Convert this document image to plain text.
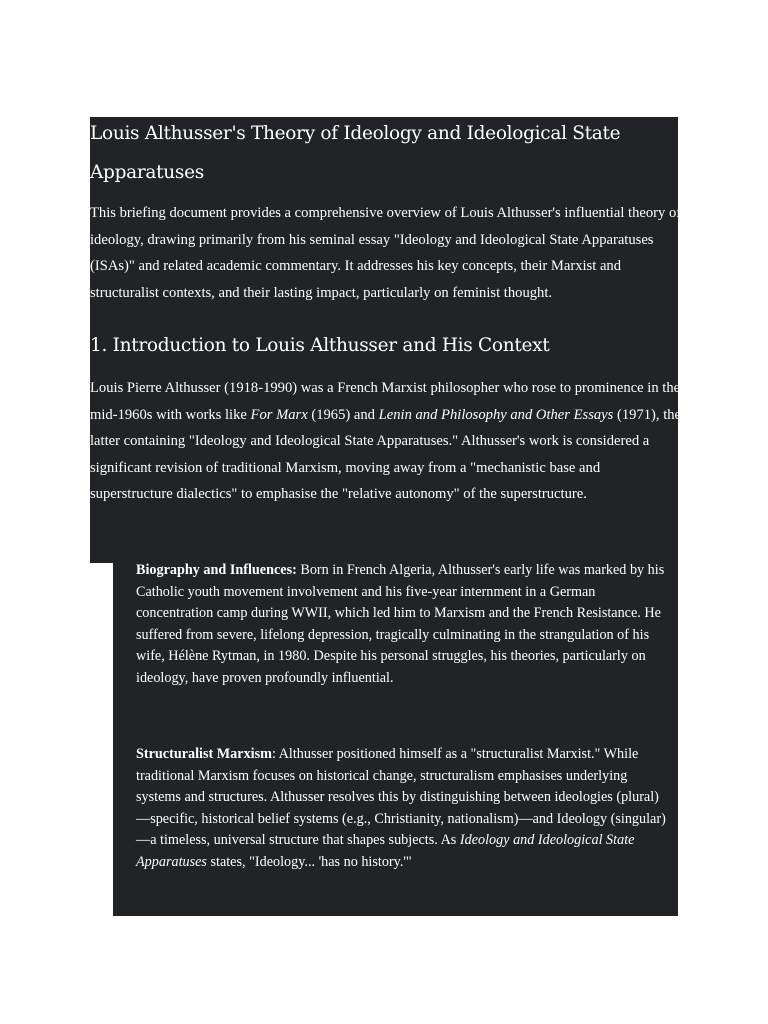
Louis Althusser's Theory of Ideology and Ideological State Apparatuses

This briefing document provides a comprehensive overview of Louis Althusser's influential theory of ideology, drawing primarily from his seminal essay "Ideology and Ideological State Apparatuses (ISAs)" and related academic commentary. It addresses his key concepts, their Marxist and structuralist contexts, and their lasting impact, particularly on feminist thought.

1. Introduction to Louis Althusser and His Context

Louis Pierre Althusser (1918-1990) was a French Marxist philosopher who rose to prominence in the mid-1960s with works like For Marx (1965) and Lenin and Philosophy and Other Essays (1971), the latter containing "Ideology and Ideological State Apparatuses." Althusser's work is considered a significant revision of traditional Marxism, moving away from a "mechanistic base and superstructure dialectics" to emphasise the "relative autonomy" of the superstructure.

Biography and Influences: Born in French Algeria, Althusser's early life was marked by his Catholic youth movement involvement and his five-year internment in a German concentration camp during WWII, which led him to Marxism and the French Resistance. He suffered from severe, lifelong depression, tragically culminating in the strangulation of his wife, Hélène Rytman, in 1980. Despite his personal struggles, his theories, particularly on ideology, have proven profoundly influential.

Structuralist Marxism: Althusser positioned himself as a "structuralist Marxist." While traditional Marxism focuses on historical change, structuralism emphasises underlying systems and structures. Althusser resolves this by distinguishing between ideologies (plural)—specific, historical belief systems (e.g., Christianity, nationalism)—and Ideology (singular)—a timeless, universal structure that shapes subjects. As Ideology and Ideological State Apparatuses states, "Ideology... 'has no history.'"
